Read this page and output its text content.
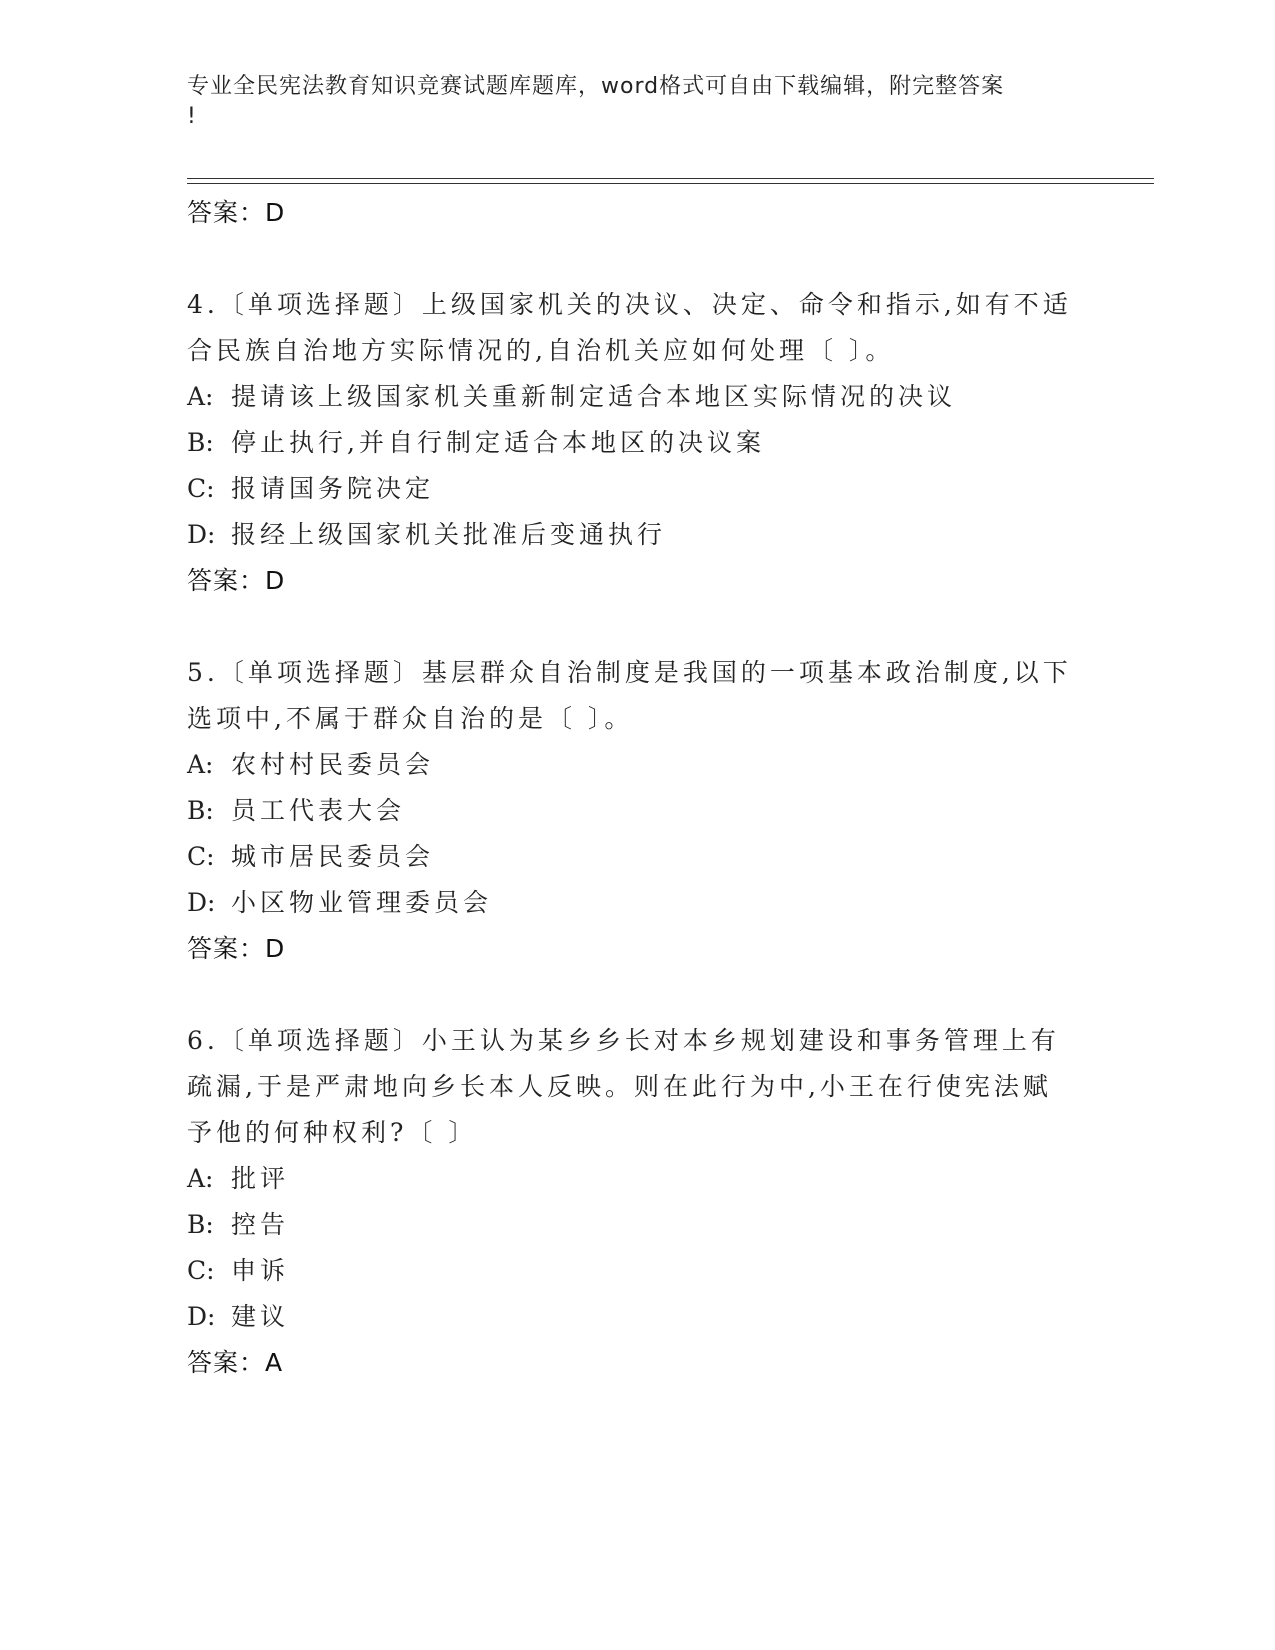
专业全民宪法教育知识竞赛试题库题库，word格式可自由下载编辑，附完整答案
!
答案：D
4.〔单项选择题〕上级国家机关的决议、决定、命令和指示,如有不适
合民族自治地方实际情况的,自治机关应如何处理〔 〕。
A: 提请该上级国家机关重新制定适合本地区实际情况的决议
B: 停止执行,并自行制定适合本地区的决议案
C: 报请国务院决定
D: 报经上级国家机关批准后变通执行
答案：D
5.〔单项选择题〕基层群众自治制度是我国的一项基本政治制度,以下
选项中,不属于群众自治的是〔 〕。
A: 农村村民委员会
B: 员工代表大会
C: 城市居民委员会
D: 小区物业管理委员会
答案：D
6.〔单项选择题〕小王认为某乡乡长对本乡规划建设和事务管理上有
疏漏,于是严肃地向乡长本人反映。则在此行为中,小王在行使宪法赋
予他的何种权利?〔 〕
A: 批评
B: 控告
C: 申诉
D: 建议
答案：A
